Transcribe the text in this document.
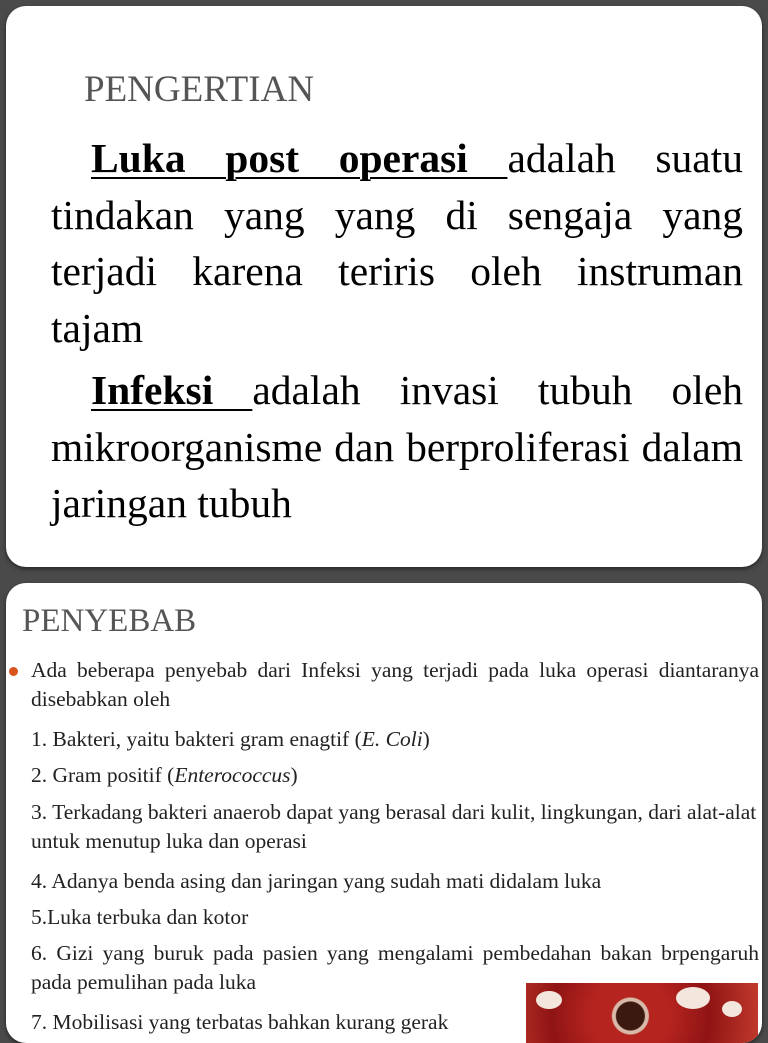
PENGERTIAN

Luka post operasi adalah suatu tindakan yang yang di sengaja yang terjadi karena teriris oleh instruman tajam

Infeksi adalah invasi tubuh oleh mikroorganisme dan berproliferasi dalam jaringan tubuh

PENYEBAB

Ada beberapa penyebab dari Infeksi yang terjadi pada luka operasi diantaranya disebabkan oleh

1. Bakteri, yaitu bakteri gram enagtif (E. Coli)

2. Gram positif (Enterococcus)

3. Terkadang bakteri anaerob dapat yang berasal dari kulit, lingkungan, dari alat-alat untuk menutup luka dan operasi

4. Adanya benda asing dan jaringan yang sudah mati didalam luka

5.Luka terbuka dan kotor

6. Gizi yang buruk pada pasien yang mengalami pembedahan bakan brpengaruh pada pemulihan pada luka

7. Mobilisasi yang terbatas bahkan kurang gerak
